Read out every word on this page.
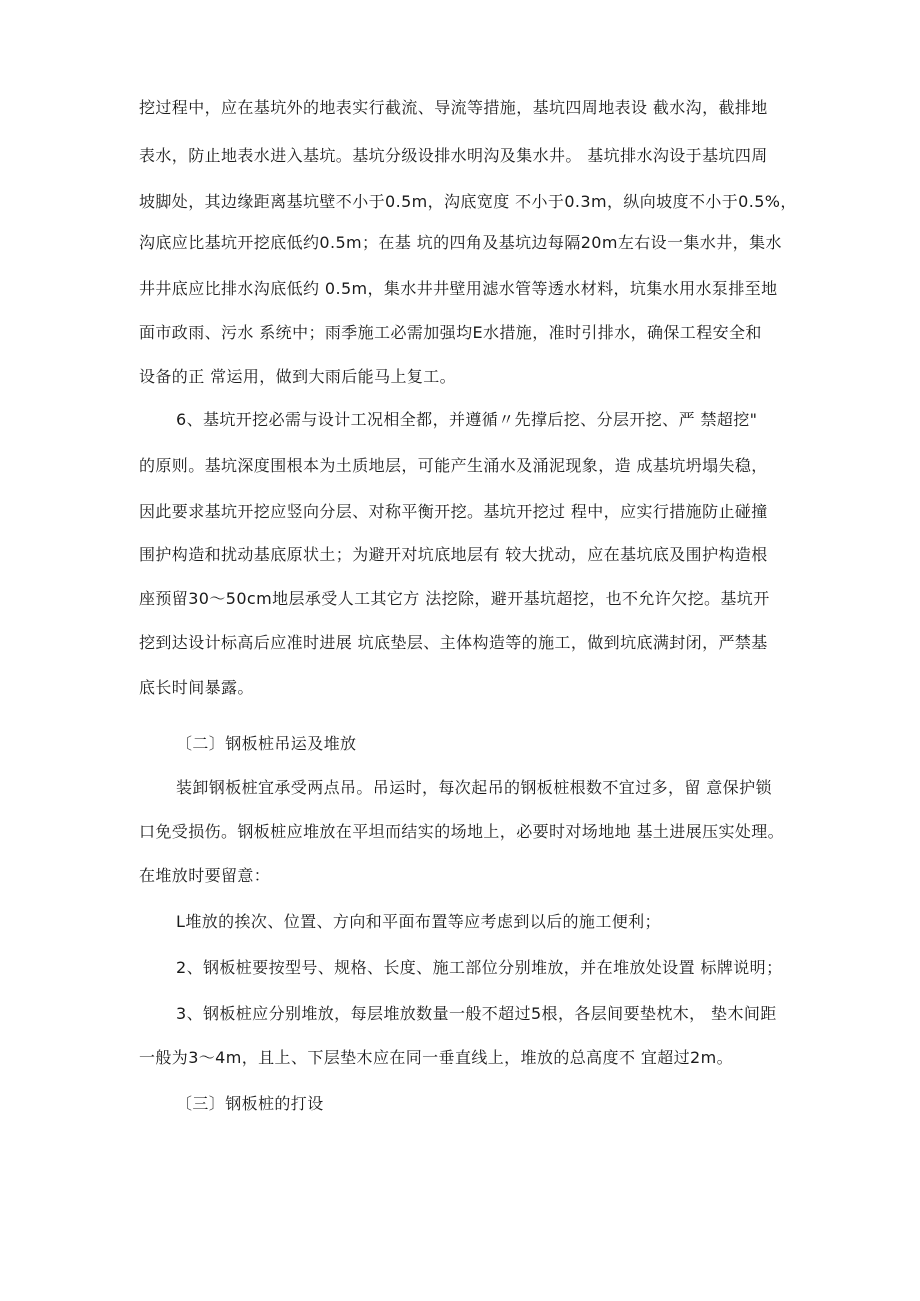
挖过程中，应在基坑外的地表实行截流、导流等措施，基坑四周地表设 截水沟，截排地
表水，防止地表水进入基坑。基坑分级设排水明沟及集水井。 基坑排水沟设于基坑四周
坡脚处，其边缘距离基坑壁不小于0.5m，沟底宽度 不小于0.3m，纵向坡度不小于0.5%，
沟底应比基坑开挖底低约0.5m；在基 坑的四角及基坑边每隔20m左右设一集水井，集水
井井底应比排水沟底低约 0.5m，集水井井壁用滤水管等透水材料，坑集水用水泵排至地
面市政雨、污水 系统中；雨季施工必需加强均E水措施，准时引排水，确保工程安全和
设备的正 常运用，做到大雨后能马上复工。
6、基坑开挖必需与设计工况相全都，并遵循〃先撑后挖、分层开挖、严 禁超挖"
的原则。基坑深度围根本为土质地层，可能产生涌水及涌泥现象，造 成基坑坍塌失稳，
因此要求基坑开挖应竖向分层、对称平衡开挖。基坑开挖过 程中，应实行措施防止碰撞
围护构造和扰动基底原状土；为避开对坑底地层有 较大扰动，应在基坑底及围护构造根
座预留30～50cm地层承受人工其它方 法挖除，避开基坑超挖，也不允许欠挖。基坑开
挖到达设计标高后应准时进展 坑底垫层、主体构造等的施工，做到坑底满封闭，严禁基
底长时间暴露。
〔二〕钢板桩吊运及堆放
装卸钢板桩宜承受两点吊。吊运时，每次起吊的钢板桩根数不宜过多，留 意保护锁
口免受损伤。钢板桩应堆放在平坦而结实的场地上，必要时对场地地 基土进展压实处理。
在堆放时要留意：
L堆放的挨次、位置、方向和平面布置等应考虑到以后的施工便利；
2、钢板桩要按型号、规格、长度、施工部位分别堆放，并在堆放处设置 标牌说明；
3、钢板桩应分别堆放，每层堆放数量一般不超过5根，各层间要垫枕木， 垫木间距
一般为3～4m，且上、下层垫木应在同一垂直线上，堆放的总高度不 宜超过2m。
〔三〕钢板桩的打设
